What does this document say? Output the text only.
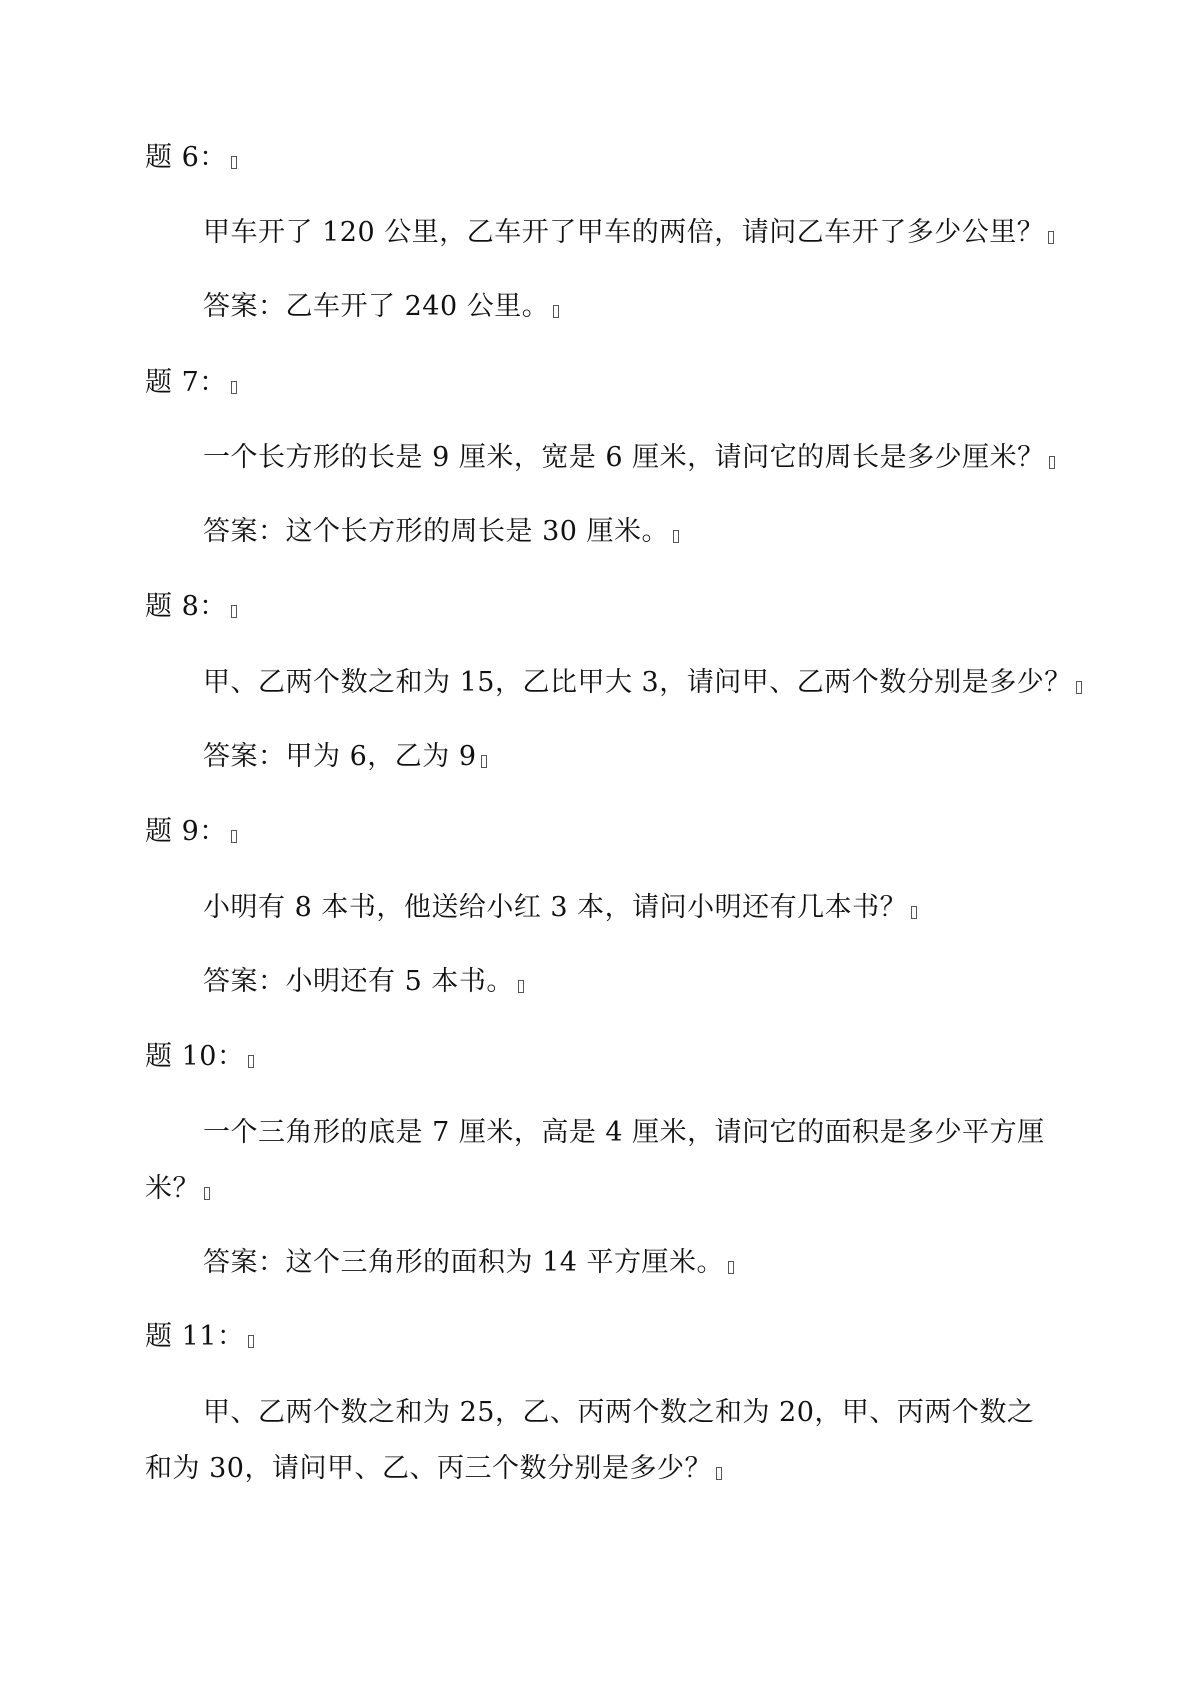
题 6：
甲车开了 120 公里，乙车开了甲车的两倍，请问乙车开了多少公里？
答案：乙车开了 240 公里。
题 7：
一个长方形的长是 9 厘米，宽是 6 厘米，请问它的周长是多少厘米？
答案：这个长方形的周长是 30 厘米。
题 8：
甲、乙两个数之和为 15，乙比甲大 3，请问甲、乙两个数分别是多少？
答案：甲为 6，乙为 9
题 9：
小明有 8 本书，他送给小红 3 本，请问小明还有几本书？
答案：小明还有 5 本书。
题 10：
一个三角形的底是 7 厘米，高是 4 厘米，请问它的面积是多少平方厘
米？
答案：这个三角形的面积为 14 平方厘米。
题 11：
甲、乙两个数之和为 25，乙、丙两个数之和为 20，甲、丙两个数之
和为 30，请问甲、乙、丙三个数分别是多少？
